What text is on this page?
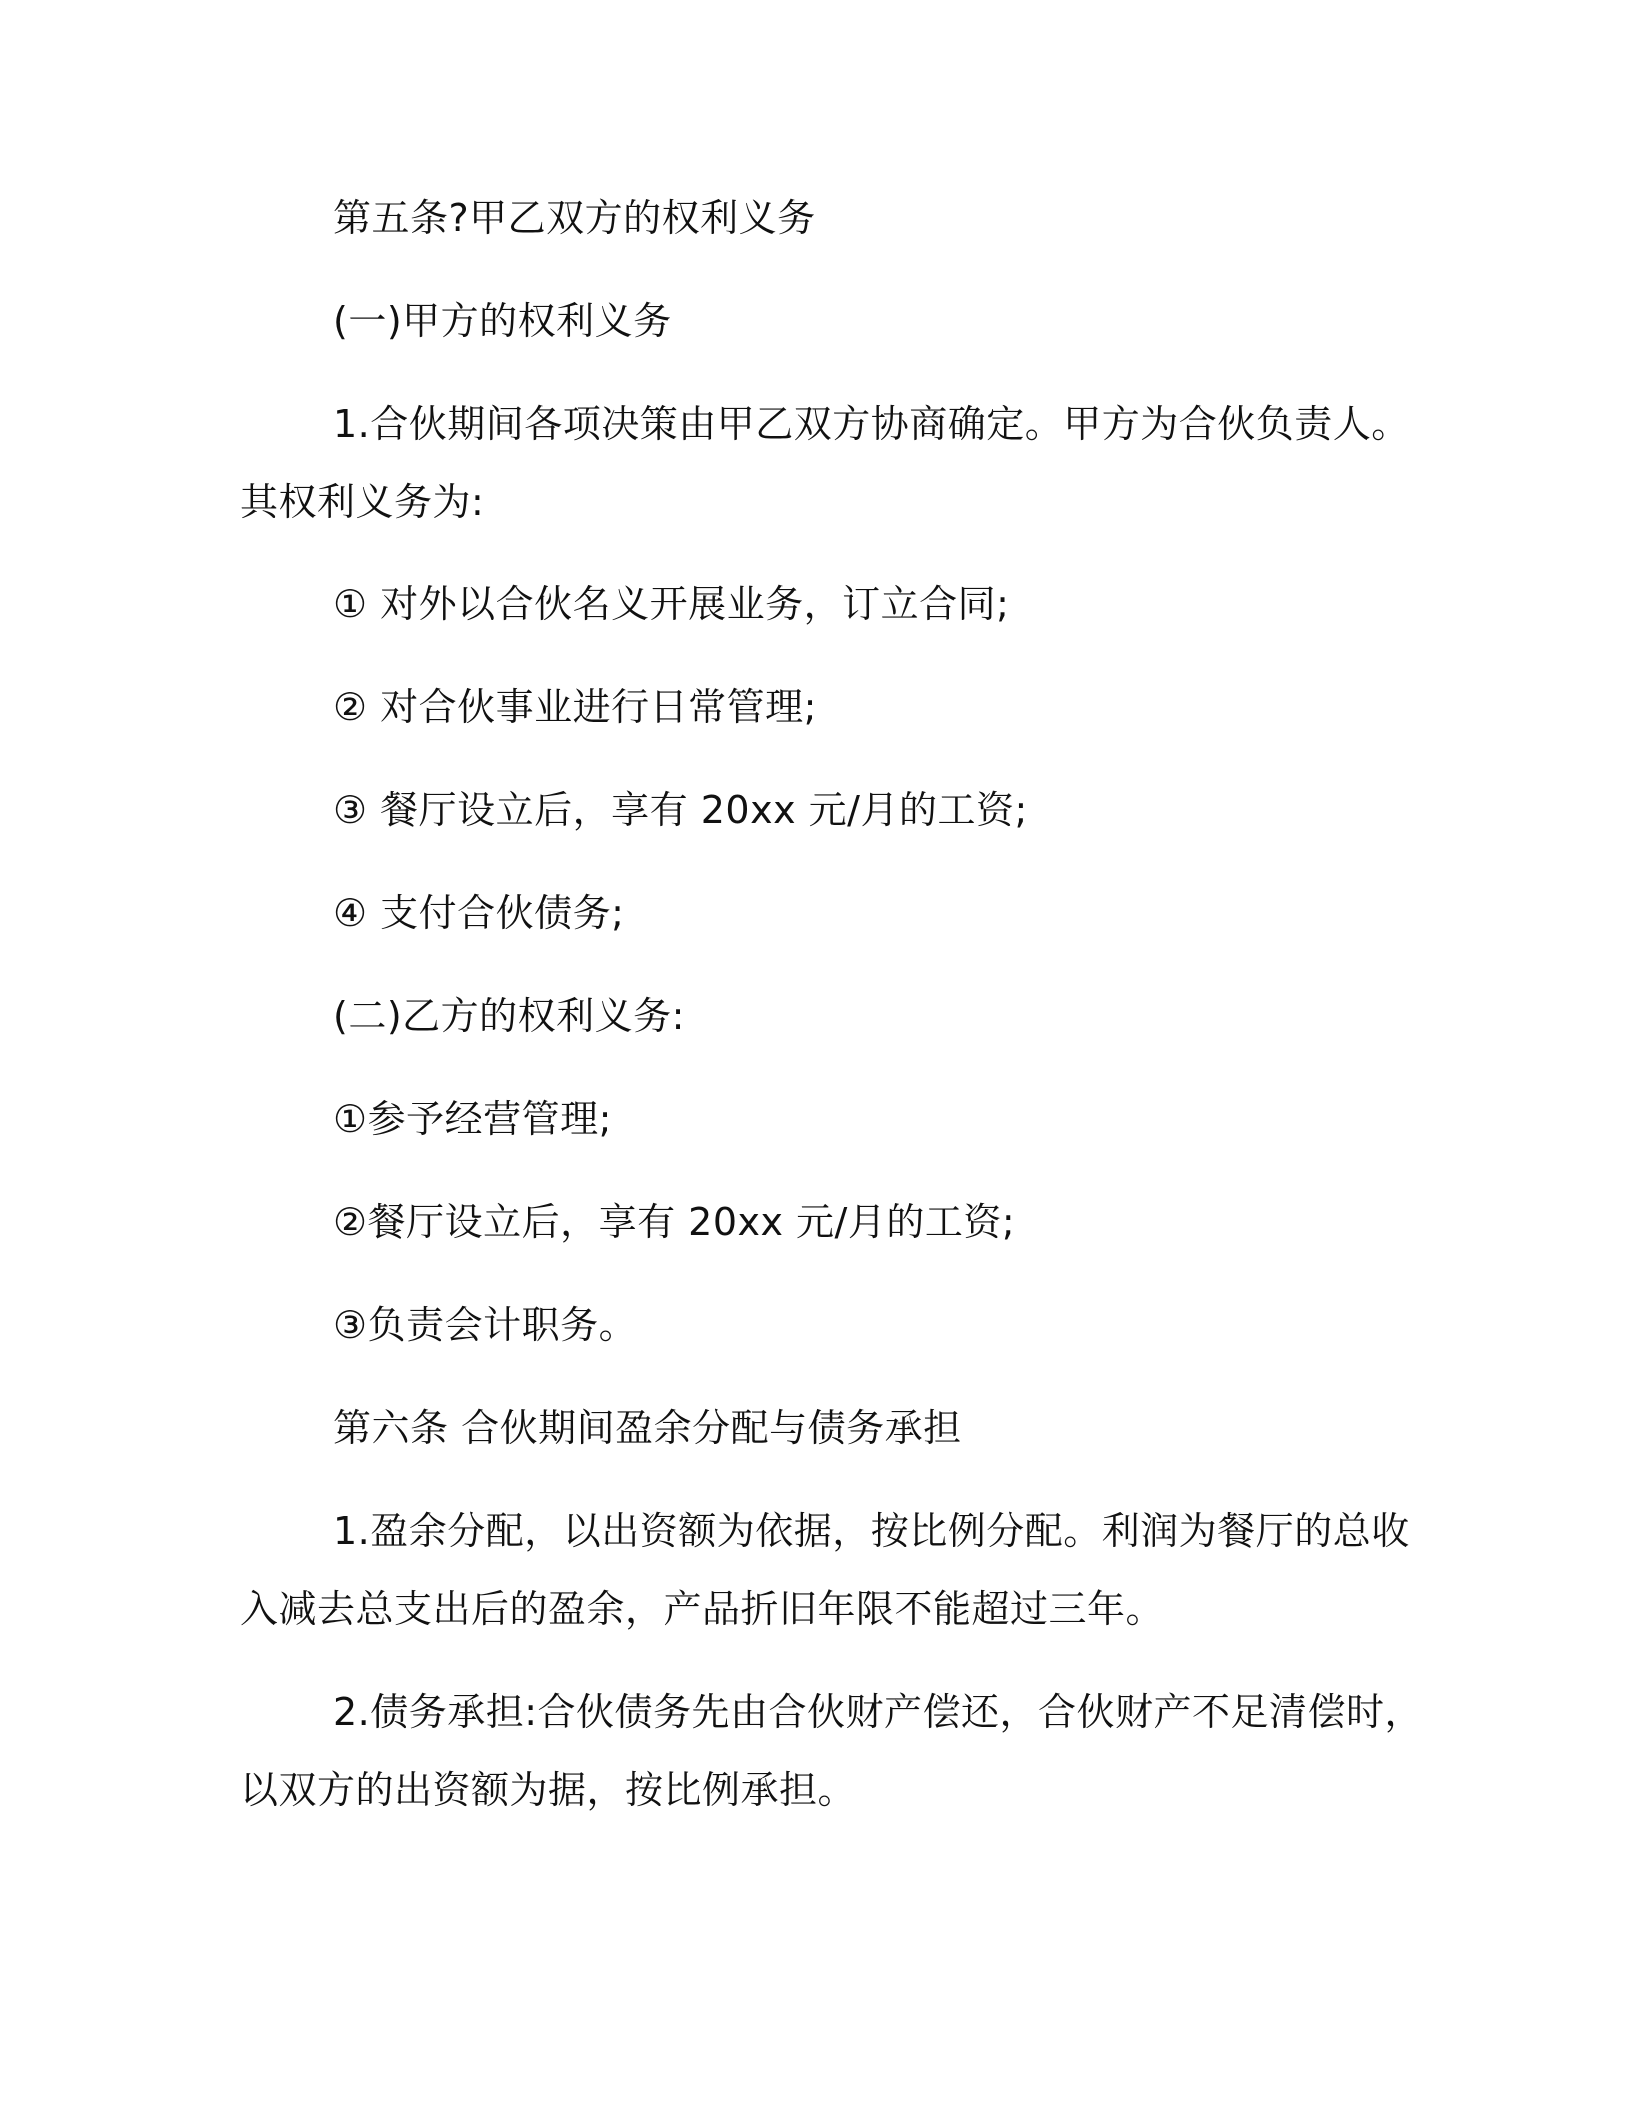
第五条?甲乙双方的权利义务
(一)甲方的权利义务
1.合伙期间各项决策由甲乙双方协商确定。甲方为合伙负责人。
其权利义务为:
① 对外以合伙名义开展业务，订立合同;
② 对合伙事业进行日常管理;
③ 餐厅设立后，享有 20xx 元/月的工资;
④ 支付合伙债务;
(二)乙方的权利义务:
①参予经营管理;
②餐厅设立后，享有 20xx 元/月的工资;
③负责会计职务。
第六条 合伙期间盈余分配与债务承担
1.盈余分配，以出资额为依据，按比例分配。利润为餐厅的总收
入减去总支出后的盈余，产品折旧年限不能超过三年。
2.债务承担:合伙债务先由合伙财产偿还，合伙财产不足清偿时，
以双方的出资额为据，按比例承担。
